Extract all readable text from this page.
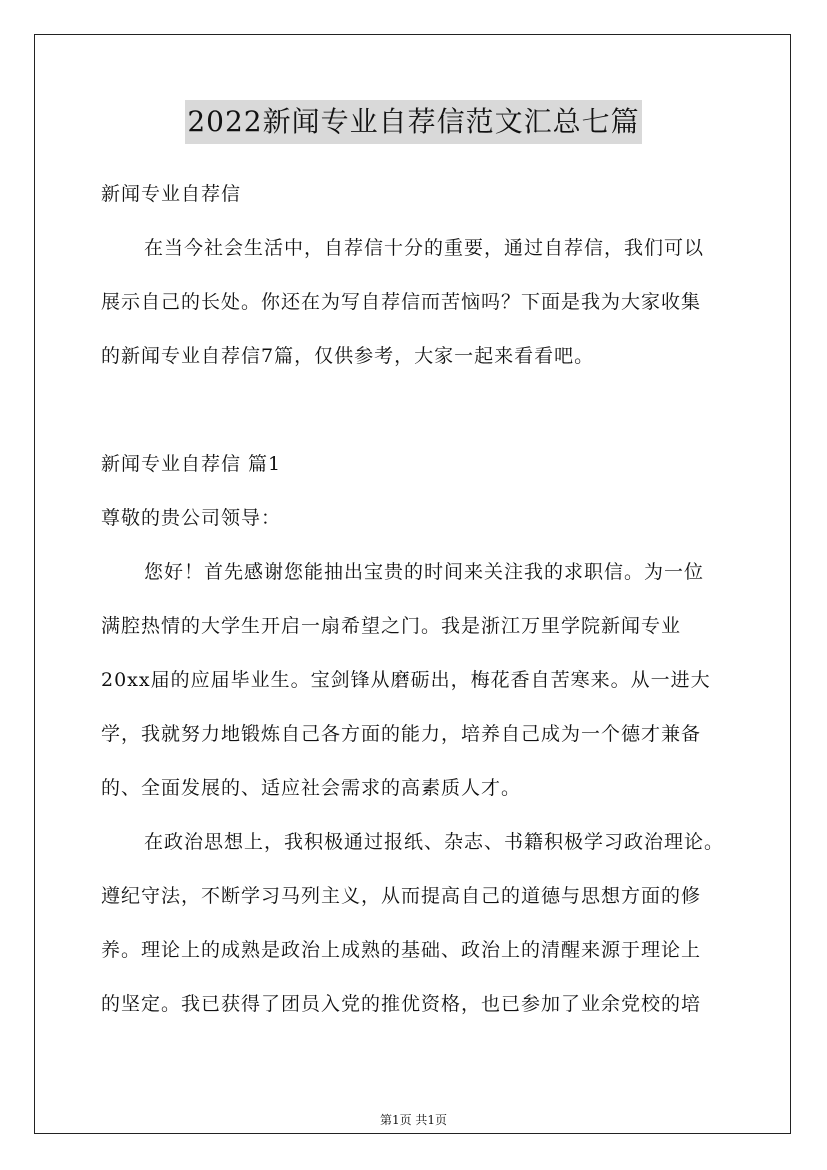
2022新闻专业自荐信范文汇总七篇
新闻专业自荐信
在当今社会生活中，自荐信十分的重要，通过自荐信，我们可以
展示自己的长处。你还在为写自荐信而苦恼吗？下面是我为大家收集
的新闻专业自荐信7篇，仅供参考，大家一起来看看吧。
新闻专业自荐信 篇1
尊敬的贵公司领导：
您好！首先感谢您能抽出宝贵的时间来关注我的求职信。为一位
满腔热情的大学生开启一扇希望之门。我是浙江万里学院新闻专业
20xx届的应届毕业生。宝剑锋从磨砺出，梅花香自苦寒来。从一进大
学，我就努力地锻炼自己各方面的能力，培养自己成为一个德才兼备
的、全面发展的、适应社会需求的高素质人才。
在政治思想上，我积极通过报纸、杂志、书籍积极学习政治理论。
遵纪守法，不断学习马列主义，从而提高自己的道德与思想方面的修
养。理论上的成熟是政治上成熟的基础、政治上的清醒来源于理论上
的坚定。我已获得了团员入党的推优资格，也已参加了业余党校的培
第1页 共1页
